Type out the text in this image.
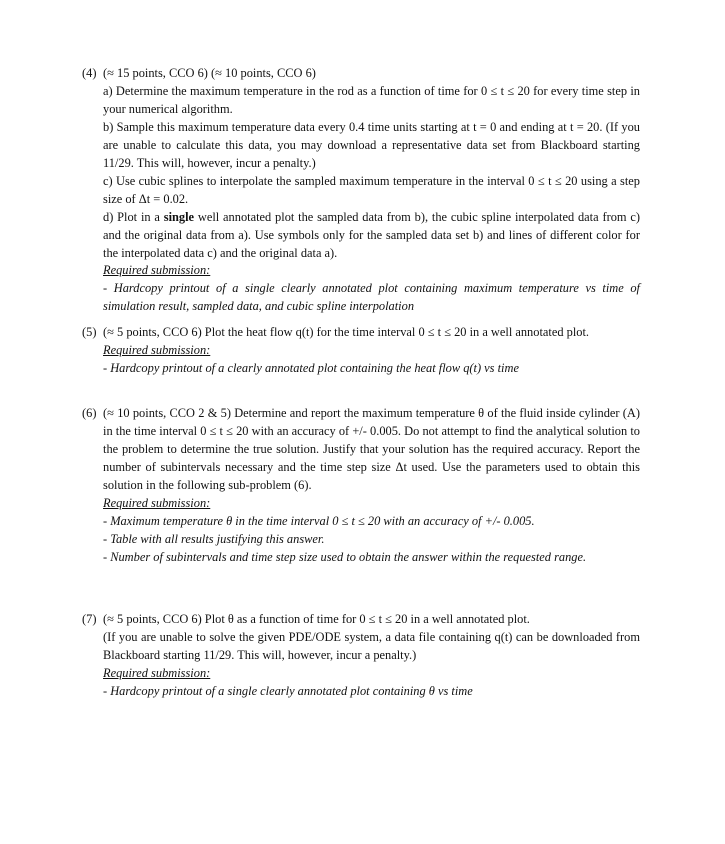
(4) (≈ 15 points, CCO 6) (≈ 10 points, CCO 6)

a) Determine the maximum temperature in the rod as a function of time for 0 ≤ t ≤ 20 for every time step in your numerical algorithm.

b) Sample this maximum temperature data every 0.4 time units starting at t = 0 and ending at t = 20. (If you are unable to calculate this data, you may download a representative data set from Blackboard starting 11/29. This will, however, incur a penalty.)

c) Use cubic splines to interpolate the sampled maximum temperature in the interval 0 ≤ t ≤ 20 using a step size of Δt = 0.02.

d) Plot in a single well annotated plot the sampled data from b), the cubic spline interpolated data from c) and the original data from a). Use symbols only for the sampled data set b) and lines of different color for the interpolated data c) and the original data a).

Required submission:

- Hardcopy printout of a single clearly annotated plot containing maximum temperature vs time of simulation result, sampled data, and cubic spline interpolation

(5) (≈ 5 points, CCO 6) Plot the heat flow q(t) for the time interval 0 ≤ t ≤ 20 in a well annotated plot.

Required submission:

- Hardcopy printout of a clearly annotated plot containing the heat flow q(t) vs time

(6) (≈ 10 points, CCO 2 & 5) Determine and report the maximum temperature θ of the fluid inside cylinder (A) in the time interval 0 ≤ t ≤ 20 with an accuracy of +/- 0.005. Do not attempt to find the analytical solution to the problem to determine the true solution. Justify that your solution has the required accuracy. Report the number of subintervals necessary and the time step size Δt used. Use the parameters used to obtain this solution in the following sub-problem (6).

Required submission:

- Maximum temperature θ in the time interval 0 ≤ t ≤ 20 with an accuracy of +/- 0.005.

- Table with all results justifying this answer.

- Number of subintervals and time step size used to obtain the answer within the requested range.

(7) (≈ 5 points, CCO 6) Plot θ as a function of time for 0 ≤ t ≤ 20 in a well annotated plot.

(If you are unable to solve the given PDE/ODE system, a data file containing q(t) can be downloaded from Blackboard starting 11/29. This will, however, incur a penalty.)

Required submission:

- Hardcopy printout of a single clearly annotated plot containing θ vs time
